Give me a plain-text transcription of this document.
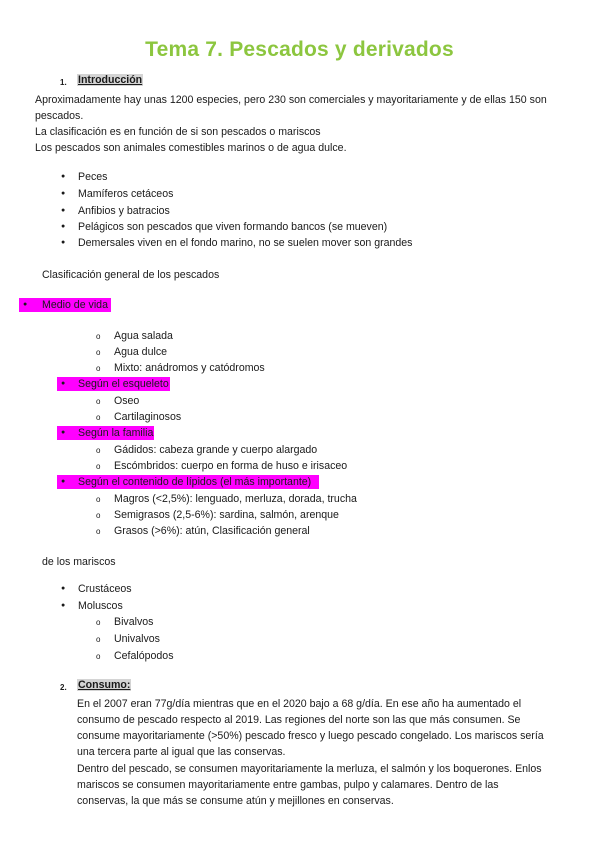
Tema 7. Pescados y derivados
1. Introducción
Aproximadamente hay unas 1200 especies, pero 230 son comerciales y mayoritariamente y de ellas 150 son
pescados.
La clasificación es en función de si son pescados o mariscos
Los pescados son animales comestibles marinos o de agua dulce.
● Peces
● Mamíferos cetáceos
● Anfibios y batracios
● Pelágicos son pescados que viven formando bancos (se mueven)
● Demersales viven en el fondo marino, no se suelen mover son grandes
Clasificación general de los pescados
● Medio de vida
o Agua salada
o Agua dulce
o Mixto: anádromos y catódromos
● Según el esqueleto
o Oseo
o Cartilaginosos
● Según la familia
o Gádidos: cabeza grande y cuerpo alargado
o Escómbridos: cuerpo en forma de huso e irisaceo
● Según el contenido de lípidos (el más importante)
o Magros (<2,5%): lenguado, merluza, dorada, trucha
o Semigrasos (2,5-6%): sardina, salmón, arenque
o Grasos (>6%): atún, Clasificación general
de los mariscos
● Crustáceos
● Moluscos
o Bivalvos
o Univalvos
o Cefalópodos
2. Consumo:
En el 2007 eran 77g/día mientras que en el 2020 bajo a 68 g/día. En ese año ha aumentado el
consumo de pescado respecto al 2019. Las regiones del norte son las que más consumen. Se
consume mayoritariamente (>50%) pescado fresco y luego pescado congelado. Los mariscos sería
una tercera parte al igual que las conservas.
Dentro del pescado, se consumen mayoritariamente la merluza, el salmón y los boquerones. Enlos
mariscos se consumen mayoritariamente entre gambas, pulpo y calamares. Dentro de las
conservas, la que más se consume atún y mejillones en conservas.
